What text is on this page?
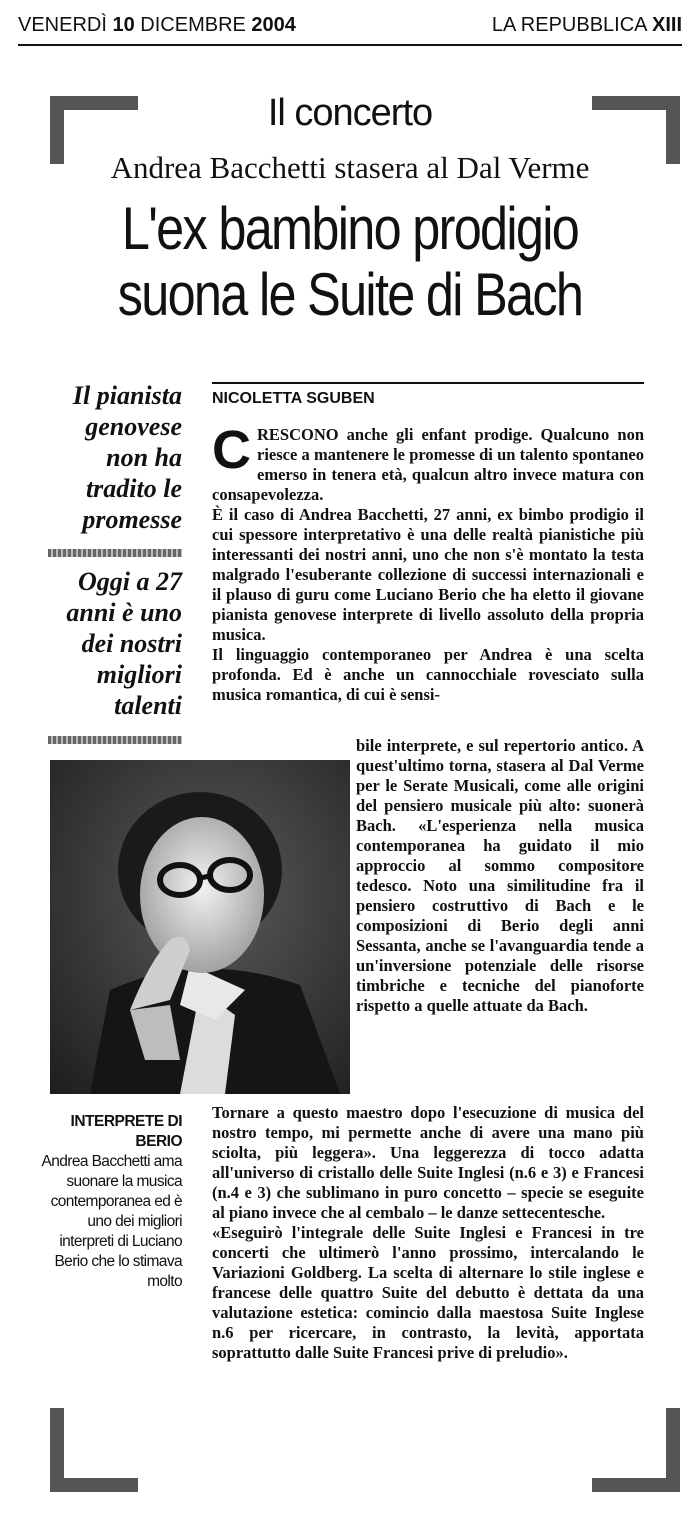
VENERDÌ 10 DICEMBRE 2004	LA REPUBBLICA XIII
Il concerto
Andrea Bacchetti stasera al Dal Verme
L'ex bambino prodigio
suona le Suite di Bach
Il pianista genovese non ha tradito le promesse
Oggi a 27 anni è uno dei nostri migliori talenti
NICOLETTA SGUBEN
C RESCONO anche gli enfant prodige. Qualcuno non riesce a mantenere le promesse di un talento spontaneo emerso in tenera età, qualcun altro invece matura con consapevolezza.

È il caso di Andrea Bacchetti, 27 anni, ex bimbo prodigio il cui spessore interpretativo è una delle realtà pianistiche più interessanti dei nostri anni, uno che non s'è montato la testa malgrado l'esuberante collezione di successi internazionali e il plauso di guru come Luciano Berio che ha eletto il giovane pianista genovese interprete di livello assoluto della propria musica.

Il linguaggio contemporaneo per Andrea è una scelta profonda. Ed è anche un cannocchiale rovesciato sulla musica romantica, di cui è sensi-

bile interprete, e sul repertorio antico. A quest'ultimo torna, stasera al Dal Verme per le Serate Musicali, come alle origini del pensiero musicale più alto: suonerà Bach. «L'esperienza nella musica contemporanea ha guidato il mio approccio al sommo compositore tedesco. Noto una similitudine fra il pensiero costruttivo di Bach e le composizioni di Berio degli anni Sessanta, anche se l'avanguardia tende a un'inversione potenziale delle risorse timbriche e tecniche del pianoforte rispetto a quelle attuate da Bach.

Tornare a questo maestro dopo l'esecuzione di musica del nostro tempo, mi permette anche di avere una mano più sciolta, più leggera». Una leggerezza di tocco adatta all'universo di cristallo delle Suite Inglesi (n.6 e 3) e Francesi (n.4 e 3) che sublimano in puro concetto – specie se eseguite al piano invece che al cembalo – le danze settecentesche.

«Eseguirò l'integrale delle Suite Inglesi e Francesi in tre concerti che ultimerò l'anno prossimo, intercalando le Variazioni Goldberg. La scelta di alternare lo stile inglese e francese delle quattro Suite del debutto è dettata da una valutazione estetica: comincio dalla maestosa Suite Inglese n.6 per ricercare, in contrasto, la levità, apportata soprattutto dalle Suite Francesi prive di preludio».

INTERPRETE DI BERIO
Andrea Bacchetti ama suonare la musica contemporanea ed è uno dei migliori interpreti di Luciano Berio che lo stimava molto
